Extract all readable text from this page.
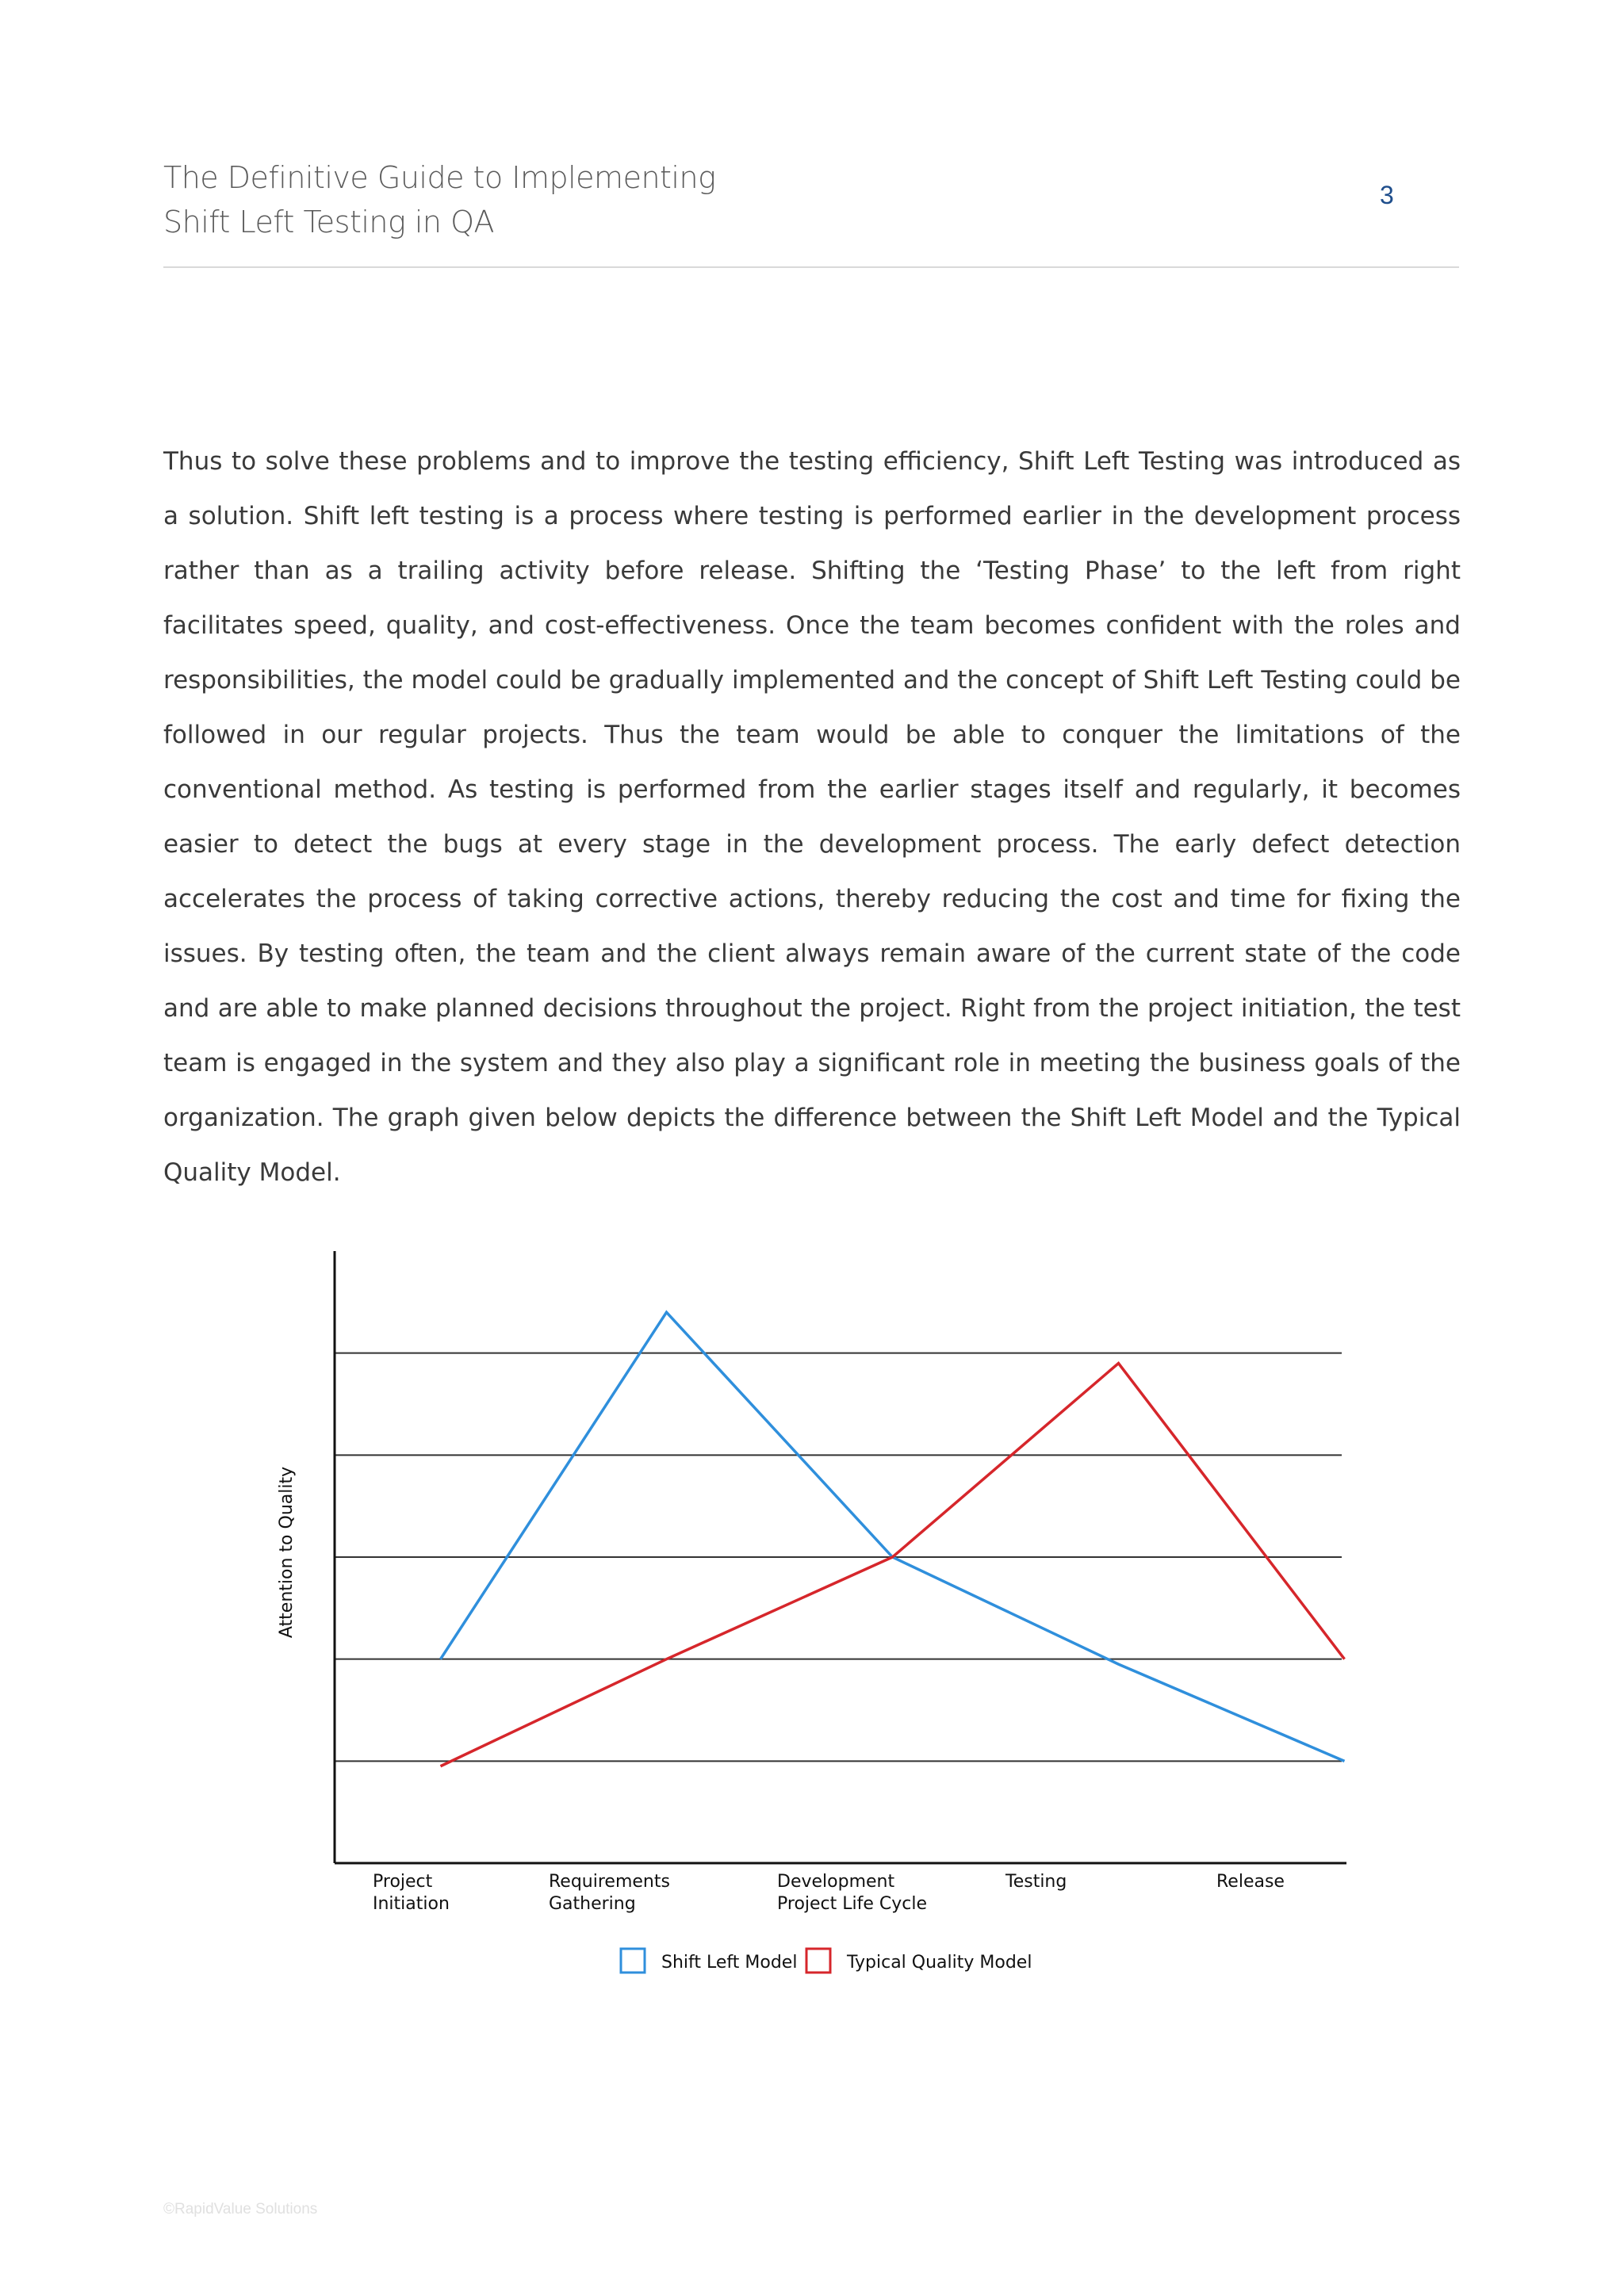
The Definitive Guide to Implementing
Shift Left Testing in QA
3

Thus to solve these problems and to improve the testing efficiency, Shift Left Testing was introduced as a solution. Shift left testing is a process where testing is performed earlier in the development process rather than as a trailing activity before release. Shifting the ‘Testing Phase’ to the left from right facilitates speed, quality, and cost-effectiveness. Once the team becomes confident with the roles and responsibilities, the model could be gradually implemented and the concept of Shift Left Testing could be followed in our regular projects. Thus the team would be able to conquer the limitations of the conventional method. As testing is performed from the earlier stages itself and regularly, it becomes easier to detect the bugs at every stage in the development process. The early defect detection accelerates the process of taking corrective actions, thereby reducing the cost and time for fixing the issues. By testing often, the team and the client always remain aware of the current state of the code and are able to make planned decisions throughout the project. Right from the project initiation, the test team is engaged in the system and they also play a significant role in meeting the business goals of the organization. The graph given below depicts the difference between the Shift Left Model and the Typical Quality Model.

Project Initiation
Requirements Gathering
Development Project Life Cycle
Testing	Release
Attention to Quality
Shift Left Model	Typical Quality Model
©RapidValue Solutions
